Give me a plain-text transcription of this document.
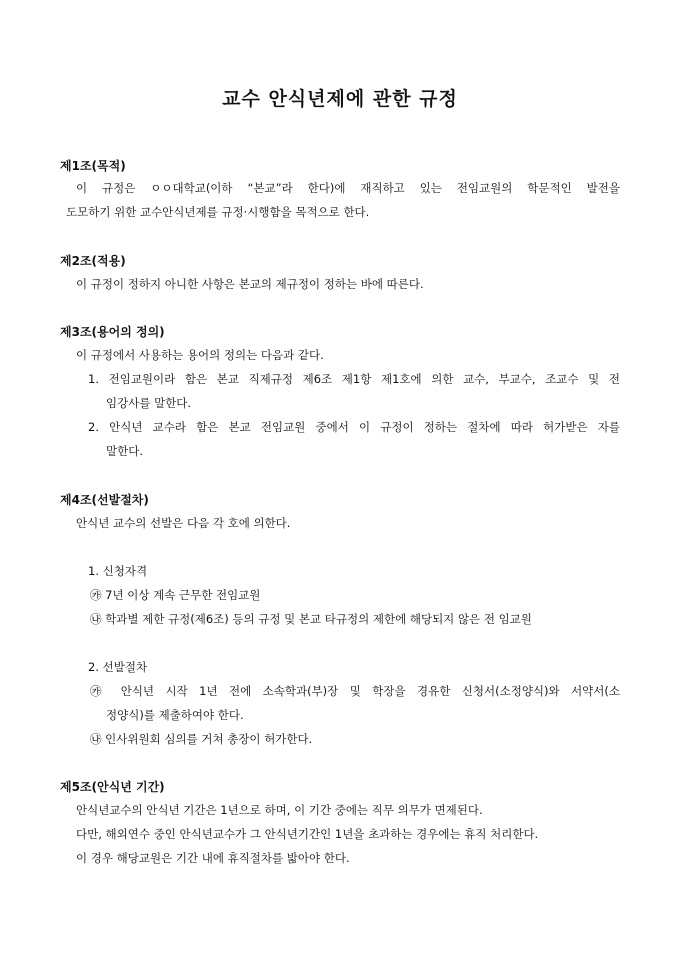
교수 안식년제에 관한 규정
제1조(목적)
이 규정은 ㅇㅇ대학교(이하 “본교”라 한다)에 재직하고 있는 전임교원의 학문적인 발전을
도모하기 위한 교수안식년제를 규정·시행함을 목적으로 한다.
제2조(적용)
이 규정이 정하지 아니한 사항은 본교의 제규정이 정하는 바에 따른다.
제3조(용어의 정의)
이 규정에서 사용하는 용어의 정의는 다음과 같다.
1. 전임교원이라 함은 본교 직제규정 제6조 제1항 제1호에 의한 교수, 부교수, 조교수 및 전
임강사를 말한다.
2. 안식년 교수라 함은 본교 전임교원 중에서 이 규정이 정하는 절차에 따라 허가받은 자를
말한다.
제4조(선발절차)
안식년 교수의 선발은 다음 각 호에 의한다.
1. 신청자격
㉮ 7년 이상 계속 근무한 전임교원
㉯ 학과별 제한 규정(제6조) 등의 규정 및 본교 타규정의 제한에 해당되지 않은 전 임교원
2. 선발절차
㉮ 안식년 시작 1년 전에 소속학과(부)장 및 학장을 경유한 신청서(소정양식)와 서약서(소
정양식)를 제출하여야 한다.
㉯ 인사위원회 심의를 거쳐 총장이 허가한다.
제5조(안식년 기간)
안식년교수의 안식년 기간은 1년으로 하며, 이 기간 중에는 직무 의무가 면제된다.
다만, 해외연수 중인 안식년교수가 그 안식년기간인 1년을 초과하는 경우에는 휴직 처리한다.
이 경우 해당교원은 기간 내에 휴직절차를 밟아야 한다.
